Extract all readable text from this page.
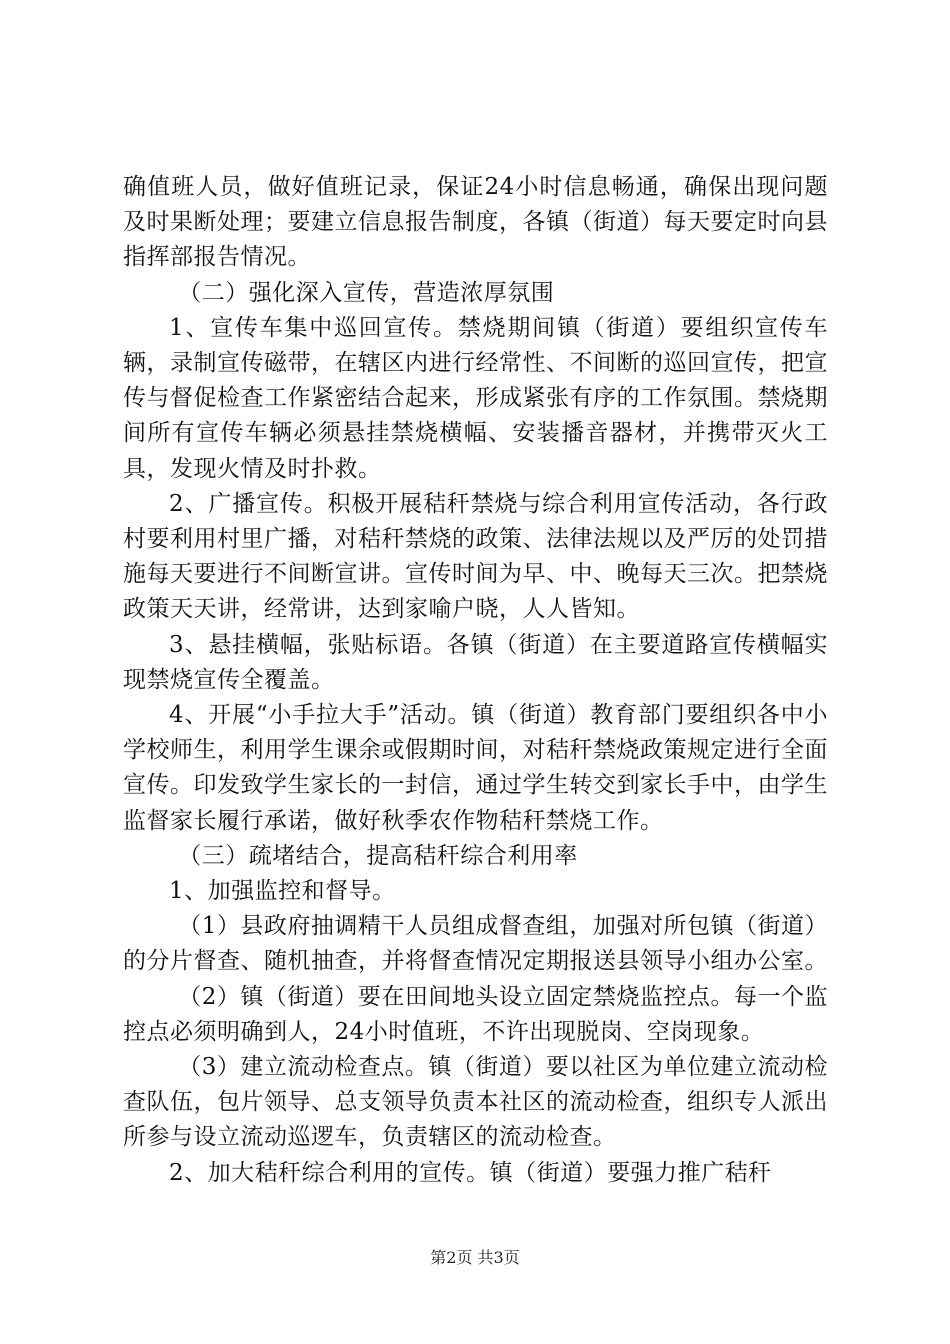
确值班人员，做好值班记录，保证24小时信息畅通，确保出现问题及时果断处理；要建立信息报告制度，各镇（街道）每天要定时向县指挥部报告情况。

（二）强化深入宣传，营造浓厚氛围

1、宣传车集中巡回宣传。禁烧期间镇（街道）要组织宣传车辆，录制宣传磁带，在辖区内进行经常性、不间断的巡回宣传，把宣传与督促检查工作紧密结合起来，形成紧张有序的工作氛围。禁烧期间所有宣传车辆必须悬挂禁烧横幅、安装播音器材，并携带灭火工具，发现火情及时扑救。

2、广播宣传。积极开展秸秆禁烧与综合利用宣传活动，各行政村要利用村里广播，对秸秆禁烧的政策、法律法规以及严厉的处罚措施每天要进行不间断宣讲。宣传时间为早、中、晚每天三次。把禁烧政策天天讲，经常讲，达到家喻户晓，人人皆知。

3、悬挂横幅，张贴标语。各镇（街道）在主要道路宣传横幅实现禁烧宣传全覆盖。

4、开展“小手拉大手”活动。镇（街道）教育部门要组织各中小学校师生，利用学生课余或假期时间，对秸秆禁烧政策规定进行全面宣传。印发致学生家长的一封信，通过学生转交到家长手中，由学生监督家长履行承诺，做好秋季农作物秸秆禁烧工作。

（三）疏堵结合，提高秸秆综合利用率

1、加强监控和督导。

（1）县政府抽调精干人员组成督查组，加强对所包镇（街道）的分片督查、随机抽查，并将督查情况定期报送县领导小组办公室。

（2）镇（街道）要在田间地头设立固定禁烧监控点。每一个监控点必须明确到人，24小时值班，不许出现脱岗、空岗现象。

（3）建立流动检查点。镇（街道）要以社区为单位建立流动检查队伍，包片领导、总支领导负责本社区的流动检查，组织专人派出所参与设立流动巡逻车，负责辖区的流动检查。

2、加大秸秆综合利用的宣传。镇（街道）要强力推广秸秆

第2页 共3页
